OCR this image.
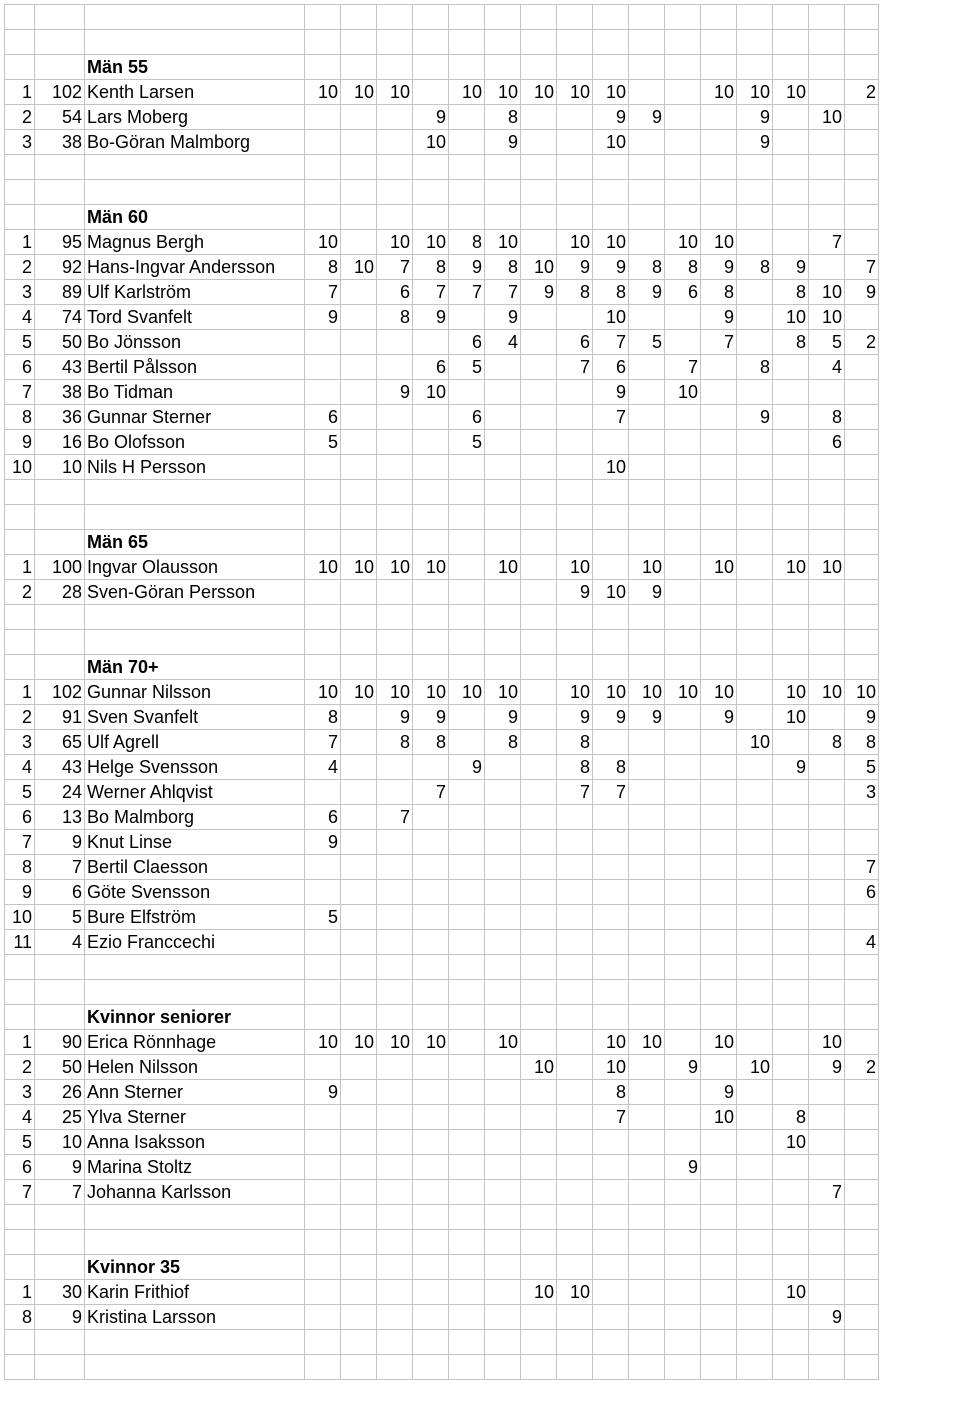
		Män 55																
1	102	Kenth Larsen	10	10	10		10	10	10	10	10			10	10	10		2
2	54	Lars Moberg				9		8			9	9			9		10	
3	38	Bo-Göran Malmborg				10		9			10				9			

		Män 60																
1	95	Magnus Bergh	10		10	10	8	10		10	10		10	10			7	
2	92	Hans-Ingvar Andersson	8	10	7	8	9	8	10	9	9	8	8	9	8	9		7
3	89	Ulf Karlström	7		6	7	7	7	9	8	8	9	6	8		8	10	9
4	74	Tord Svanfelt	9		8	9		9			10			9		10	10	
5	50	Bo Jönsson					6	4		6	7	5		7		8	5	2
6	43	Bertil Pålsson				6	5			7	6		7		8		4	
7	38	Bo Tidman			9	10					9		10					
8	36	Gunnar Sterner	6				6				7				9		8	
9	16	Bo Olofsson	5				5										6	
10	10	Nils H Persson									10							

		Män 65																
1	100	Ingvar Olausson	10	10	10	10		10		10		10		10		10	10	
2	28	Sven-Göran Persson								9	10	9						

		Män 70+																
1	102	Gunnar Nilsson	10	10	10	10	10	10		10	10	10	10	10		10	10	10
2	91	Sven Svanfelt	8		9	9		9		9	9	9		9		10		9
3	65	Ulf Agrell	7		8	8		8		8					10		8	8
4	43	Helge Svensson	4				9			8	8					9		5
5	24	Werner Ahlqvist				7				7	7							3
6	13	Bo Malmborg	6		7													
7	9	Knut Linse	9															
8	7	Bertil Claesson																7
9	6	Göte Svensson																6
10	5	Bure Elfström	5															
11	4	Ezio Franccechi																4

		Kvinnor seniorer																
1	90	Erica Rönnhage	10	10	10	10		10			10	10		10			10	
2	50	Helen Nilsson							10		10		9		10		9	2
3	26	Ann Sterner	9								8			9				
4	25	Ylva Sterner									7			10		8		
5	10	Anna Isaksson														10		
6	9	Marina Stoltz											9					
7	7	Johanna Karlsson															7	

		Kvinnor 35																
1	30	Karin Frithiof							10	10						10		
8	9	Kristina Larsson															9	
